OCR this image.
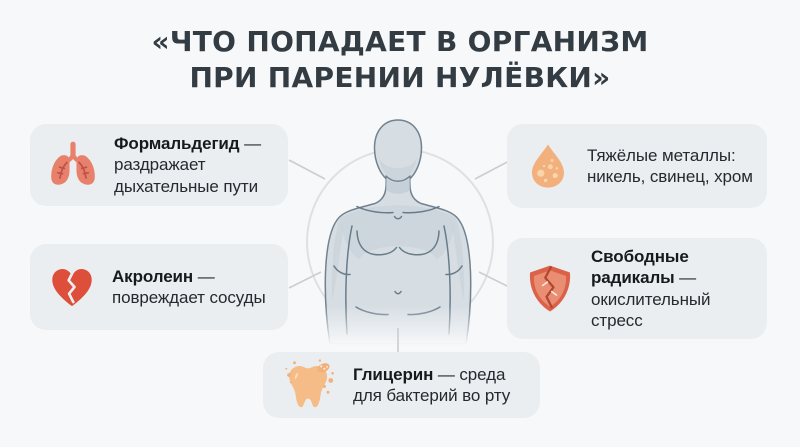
«ЧТО ПОПАДАЕТ В ОРГАНИЗМ
ПРИ ПАРЕНИИ НУЛЁВКИ»

Формальдегид — раздражает дыхательные пути

Акролеин — повреждает сосуды

Тяжёлые металлы: никель, свинец, хром

Свободные радикалы — окислительный стресс

Глицерин — среда для бактерий во рту
